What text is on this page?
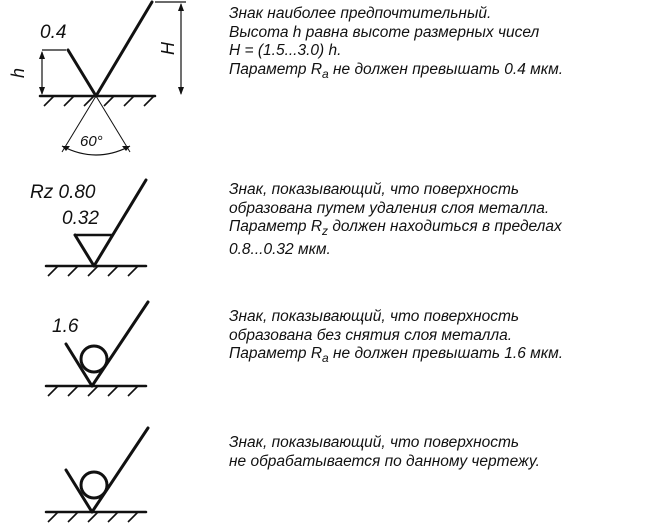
0.4
h
H
60°
Знак наиболее предпочтительный.
Высота h равна высоте размерных чисел
H = (1.5...3.0) h.
Параметр $R_a$ не должен превышать 0.4 мкм.
Rz 0.80
0.32
Знак, показывающий, что поверхность
образована путем удаления слоя металла.
Параметр $R_z$ должен находиться в пределах
0.8...0.32 мкм.
1.6	Знак, показывающий, что поверхность
образована без снятия слоя металла.
Параметр $R_a$ не должен превышать 1.6 мкм.
Знак, показывающий, что поверхность
не обрабатывается по данному чертежу.
